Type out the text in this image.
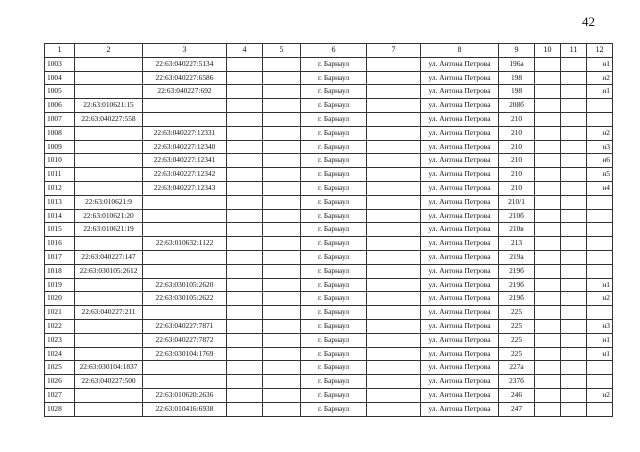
42
1	2	3	4	5	6	7	8	9	10	11	12
1003		22:63:040227:5134			г. Барнаул		ул. Антона Петрова	196а			н1
1004		22:63:040227:6586			г. Барнаул		ул. Антона Петрова	198			н2
1005		22:63:040227:692			г. Барнаул		ул. Антона Петрова	198			н1
1006	22:63:010621:15				г. Барнаул		ул. Антона Петрова	208б			
1007	22:63:040227:558				г. Барнаул		ул. Антона Петрова	210			
1008		22:63:040227:12331			г. Барнаул		ул. Антона Петрова	210			н2
1009		22:63:040227:12340			г. Барнаул		ул. Антона Петрова	210			н3
1010		22:63:040227:12341			г. Барнаул		ул. Антона Петрова	210			н6
1011		22:63:040227:12342			г. Барнаул		ул. Антона Петрова	210			н5
1012		22:63:040227:12343			г. Барнаул		ул. Антона Петрова	210			н4
1013	22:63:010621:9				г. Барнаул		ул. Антона Петрова	210/1			
1014	22:63:010621:20				г. Барнаул		ул. Антона Петрова	210б			
1015	22:63:010621:19				г. Барнаул		ул. Антона Петрова	210в			
1016		22:63:010632:1122			г. Барнаул		ул. Антона Петрова	213			
1017	22:63:040227:147				г. Барнаул		ул. Антона Петрова	219а			
1018	22:63:030105:2612				г. Барнаул		ул. Антона Петрова	219б			
1019		22:63:030105:2620			г. Барнаул		ул. Антона Петрова	219б			н1
1020		22:63:030105:2622			г. Барнаул		ул. Антона Петрова	219б			н2
1021	22:63:040227:211				г. Барнаул		ул. Антона Петрова	225			
1022		22:63:040227:7871			г. Барнаул		ул. Антона Петрова	225			н3
1023		22:63:040227:7872			г. Барнаул		ул. Антона Петрова	225			н1
1024		22:63:030104:1769			г. Барнаул		ул. Антона Петрова	225			н1
1025	22:63:030104:1837				г. Барнаул		ул. Антона Петрова	227а			
1026	22:63:040227:500				г. Барнаул		ул. Антона Петрова	237б			
1027		22:63:010620:2636			г. Барнаул		ул. Антона Петрова	246			н2
1028		22:63:010416:6938			г. Барнаул		ул. Антона Петрова	247			
